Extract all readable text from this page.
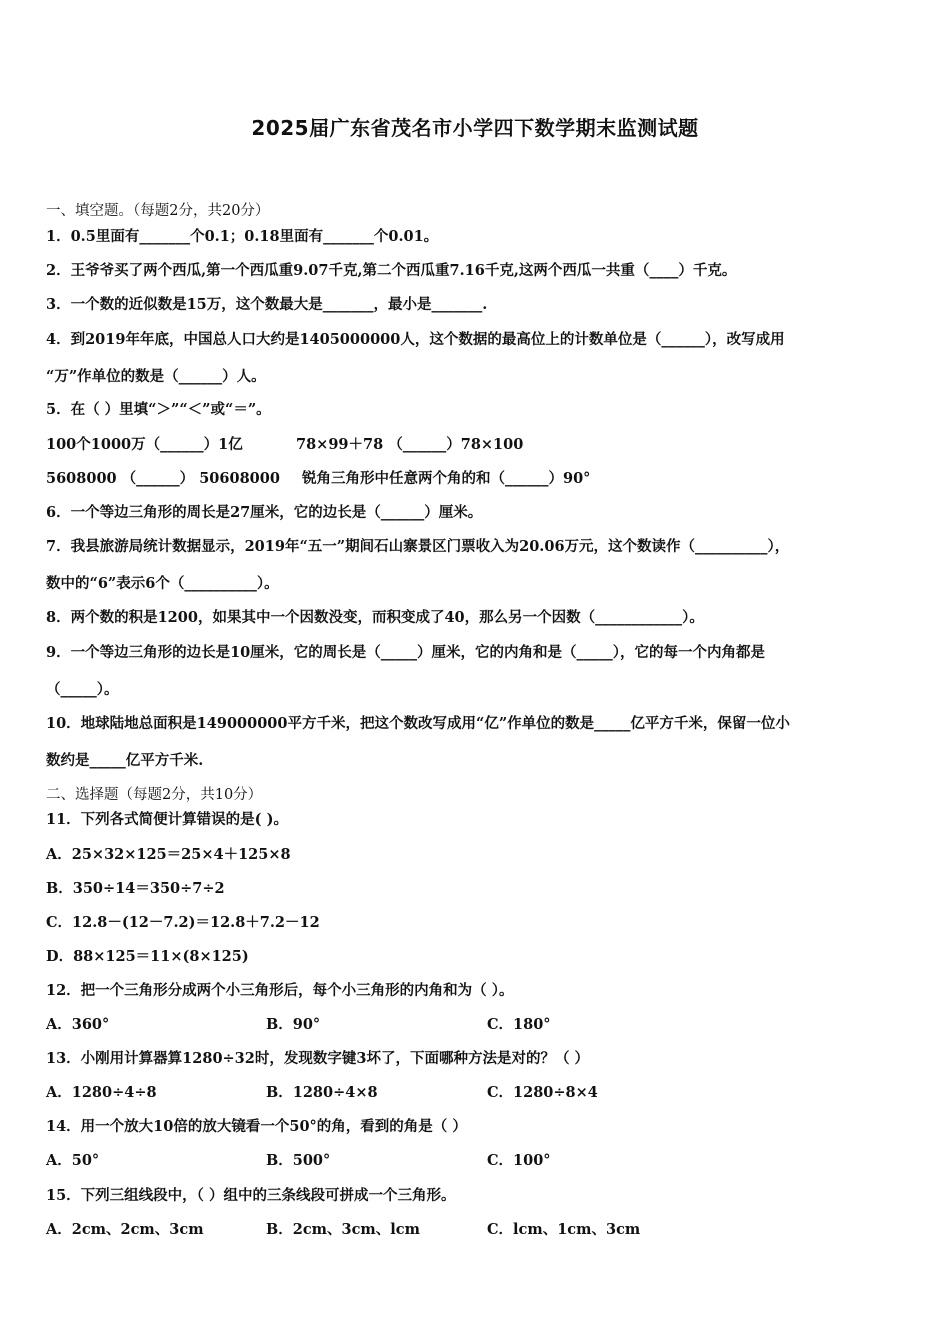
2025届广东省茂名市小学四下数学期末监测试题
一、填空题。（每题2分，共20分）
1．0.5里面有_______个0.1；0.18里面有_______个0.01。
2．王爷爷买了两个西瓜,第一个西瓜重9.07千克,第二个西瓜重7.16千克,这两个西瓜一共重（____）千克。
3．一个数的近似数是15万，这个数最大是_______，最小是_______.
4．到2019年年底，中国总人口大约是1405000000人，这个数据的最高位上的计数单位是（______），改写成用
“万”作单位的数是（______）人。
5．在（ ）里填“＞”“＜”或“＝”。
100个1000万（______）1亿	78×99＋78 （______）78×100
5608000 （______） 50608000 锐角三角形中任意两个角的和（______）90°
6．一个等边三角形的周长是27厘米，它的边长是（______）厘米。
7．我县旅游局统计数据显示，2019年“五一”期间石山寨景区门票收入为20.06万元，这个数读作（__________），
数中的“6”表示6个（__________）。
8．两个数的积是1200，如果其中一个因数没变，而积变成了40，那么另一个因数（____________）。
9．一个等边三角形的边长是10厘米，它的周长是（_____）厘米，它的内角和是（_____），它的每一个内角都是
（_____）。
10．地球陆地总面积是149000000平方千米，把这个数改写成用“亿”作单位的数是_____亿平方千米，保留一位小
数约是_____亿平方千米.
二、选择题（每题2分，共10分）
11．下列各式简便计算错误的是( )。
A．25×32×125＝25×4＋125×8
B．350÷14＝350÷7÷2
C．12.8－(12－7.2)＝12.8＋7.2－12
D．88×125＝11×(8×125)
12．把一个三角形分成两个小三角形后，每个小三角形的内角和为（ ）。
A．360°	B．90°	C．180°
13．小刚用计算器算1280÷32时，发现数字键3坏了，下面哪种方法是对的？（ ）
A．1280÷4÷8	B．1280÷4×8	C．1280÷8×4
14．用一个放大10倍的放大镜看一个50°的角，看到的角是（ ）
A．50°	B．500°	C．100°
15．下列三组线段中，（ ）组中的三条线段可拼成一个三角形。
A．2cm、2cm、3cm	B．2cm、3cm、lcm	C．lcm、1cm、3cm
